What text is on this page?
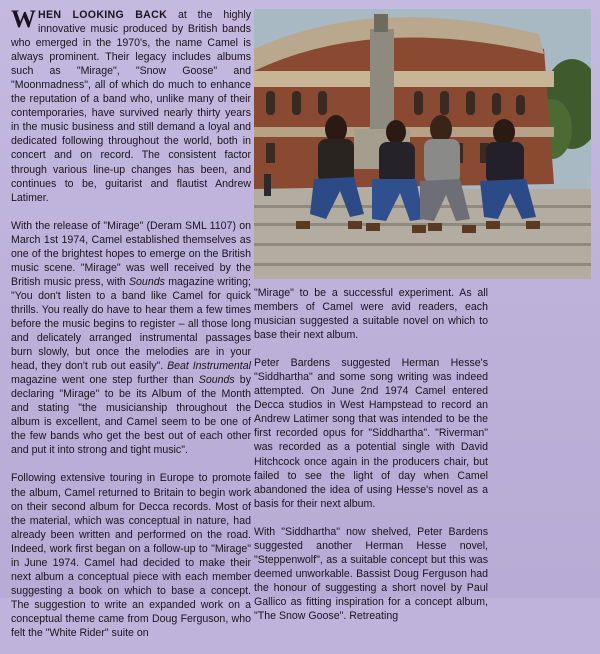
WHEN LOOKING BACK at the highly innovative music produced by British bands who emerged in the 1970's, the name Camel is always prominent. Their legacy includes albums such as "Mirage", "Snow Goose" and "Moonmadness", all of which do much to enhance the reputation of a band who, unlike many of their contemporaries, have survived nearly thirty years in the music business and still demand a loyal and dedicated following throughout the world, both in concert and on record. The consistent factor through various line-up changes has been, and continues to be, guitarist and flautist Andrew Latimer.

With the release of "Mirage" (Deram SML 1107) on March 1st 1974, Camel established themselves as one of the brightest hopes to emerge on the British music scene. "Mirage" was well received by the British music press, with Sounds magazine writing; "You don't listen to a band like Camel for quick thrills. You really do have to hear them a few times before the music begins to register – all those long and delicately arranged instrumental passages burn slowly, but once the melodies are in your head, they don't rub out easily". Beat Instrumental magazine went one step further than Sounds by declaring "Mirage" to be its Album of the Month and stating "the musicianship throughout the album is excellent, and Camel seem to be one of the few bands who get the best out of each other and put it into strong and tight music".

Following extensive touring in Europe to promote the album, Camel returned to Britain to begin work on their second album for Decca records. Most of the material, which was conceptual in nature, had already been written and performed on the road. Indeed, work first began on a follow-up to "Mirage" in June 1974. Camel had decided to make their next album a conceptual piece with each member suggesting a book on which to base a concept. The suggestion to write an expanded work on a conceptual theme came from Doug Ferguson, who felt the "White Rider" suite on

"Mirage" to be a successful experiment. As all members of Camel were avid readers, each musician suggested a suitable novel on which to base their next album.

Peter Bardens suggested Herman Hesse's "Siddhartha" and some song writing was indeed attempted. On June 2nd 1974 Camel entered Decca studios in West Hampstead to record an Andrew Latimer song that was intended to be the first recorded opus for "Siddhartha". "Riverman" was recorded as a potential single with David Hitchcock once again in the producers chair, but failed to see the light of day when Camel abandoned the idea of using Hesse's novel as a basis for their next album.

With "Siddhartha" now shelved, Peter Bardens suggested another Herman Hesse novel, "Steppenwolf", as a suitable concept but this was deemed unworkable. Bassist Doug Ferguson had the honour of suggesting a short novel by Paul Gallico as fitting inspiration for a concept album, "The Snow Goose". Retreating
